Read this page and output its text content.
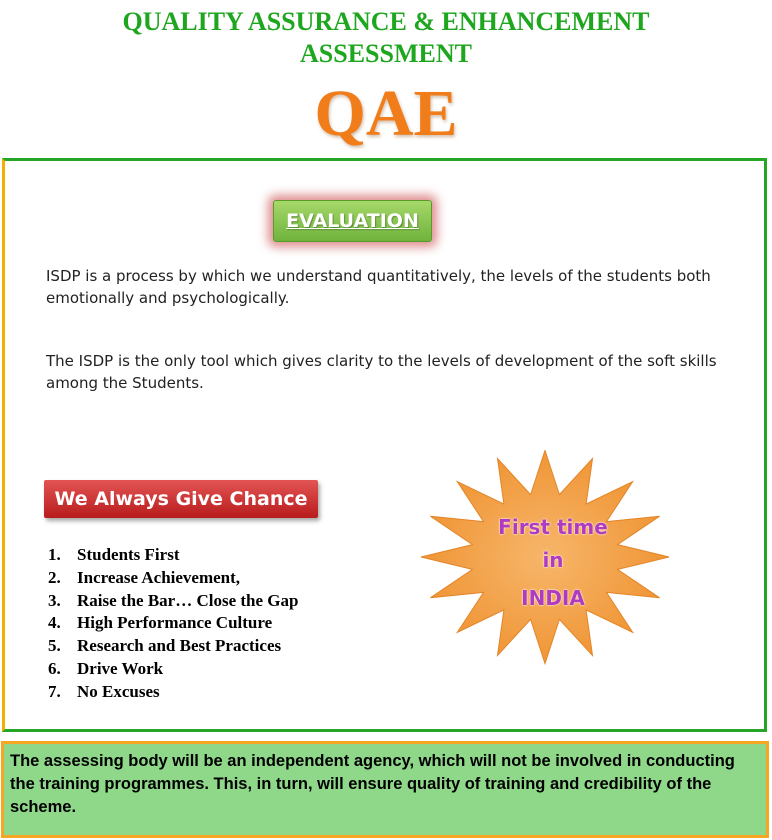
QUALITY ASSURANCE & ENHANCEMENT
ASSESSMENT
QAE
EVALUATION
ISDP is a process by which we understand quantitatively, the levels of the students both emotionally and psychologically.
The ISDP is the only tool which gives clarity to the levels of development of the soft skills among the Students.
We Always Give Chance
1. Students First
2. Increase Achievement,
3. Raise the Bar… Close the Gap
4. High Performance Culture
5. Research and Best Practices
6. Drive Work
7. No Excuses
First time
in
INDIA
The assessing body will be an independent agency, which will not be involved in conducting the training programmes. This, in turn, will ensure quality of training and credibility of the scheme.
